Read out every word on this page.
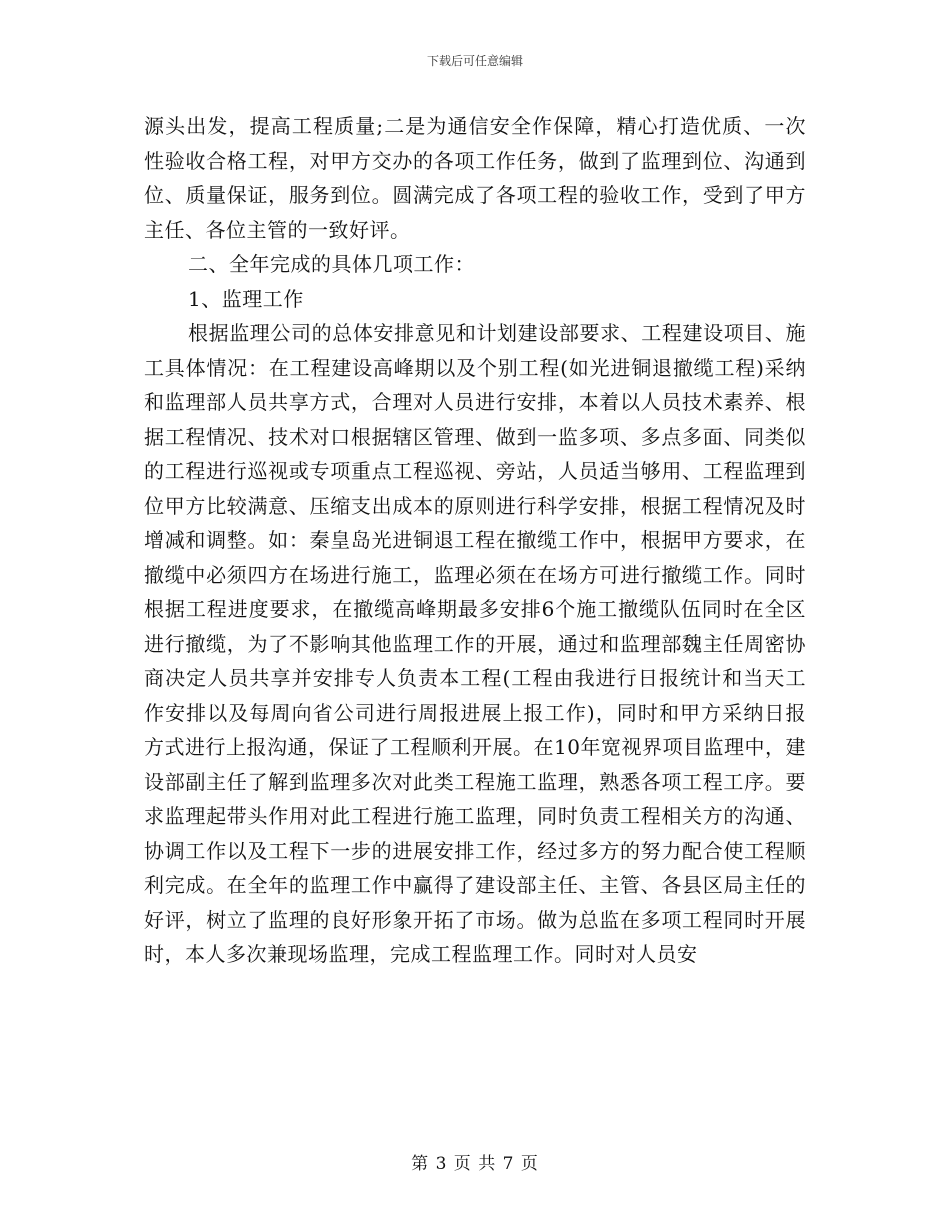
下载后可任意编辑

源头出发，提高工程质量;二是为通信安全作保障，精心打造优质、一次性验收合格工程，对甲方交办的各项工作任务，做到了监理到位、沟通到位、质量保证，服务到位。圆满完成了各项工程的验收工作，受到了甲方主任、各位主管的一致好评。

二、全年完成的具体几项工作：

1、监理工作

根据监理公司的总体安排意见和计划建设部要求、工程建设项目、施工具体情况：在工程建设高峰期以及个别工程(如光进铜退撤缆工程)采纳和监理部人员共享方式，合理对人员进行安排，本着以人员技术素养、根据工程情况、技术对口根据辖区管理、做到一监多项、多点多面、同类似的工程进行巡视或专项重点工程巡视、旁站，人员适当够用、工程监理到位甲方比较满意、压缩支出成本的原则进行科学安排，根据工程情况及时增减和调整。如：秦皇岛光进铜退工程在撤缆工作中，根据甲方要求，在撤缆中必须四方在场进行施工，监理必须在在场方可进行撤缆工作。同时根据工程进度要求，在撤缆高峰期最多安排6个施工撤缆队伍同时在全区进行撤缆，为了不影响其他监理工作的开展，通过和监理部魏主任周密协商决定人员共享并安排专人负责本工程(工程由我进行日报统计和当天工作安排以及每周向省公司进行周报进展上报工作)，同时和甲方采纳日报方式进行上报沟通，保证了工程顺利开展。在10年宽视界项目监理中，建设部副主任了解到监理多次对此类工程施工监理，熟悉各项工程工序。要求监理起带头作用对此工程进行施工监理，同时负责工程相关方的沟通、协调工作以及工程下一步的进展安排工作，经过多方的努力配合使工程顺利完成。在全年的监理工作中赢得了建设部主任、主管、各县区局主任的好评，树立了监理的良好形象开拓了市场。做为总监在多项工程同时开展时，本人多次兼现场监理，完成工程监理工作。同时对人员安

第 3 页 共 7 页
